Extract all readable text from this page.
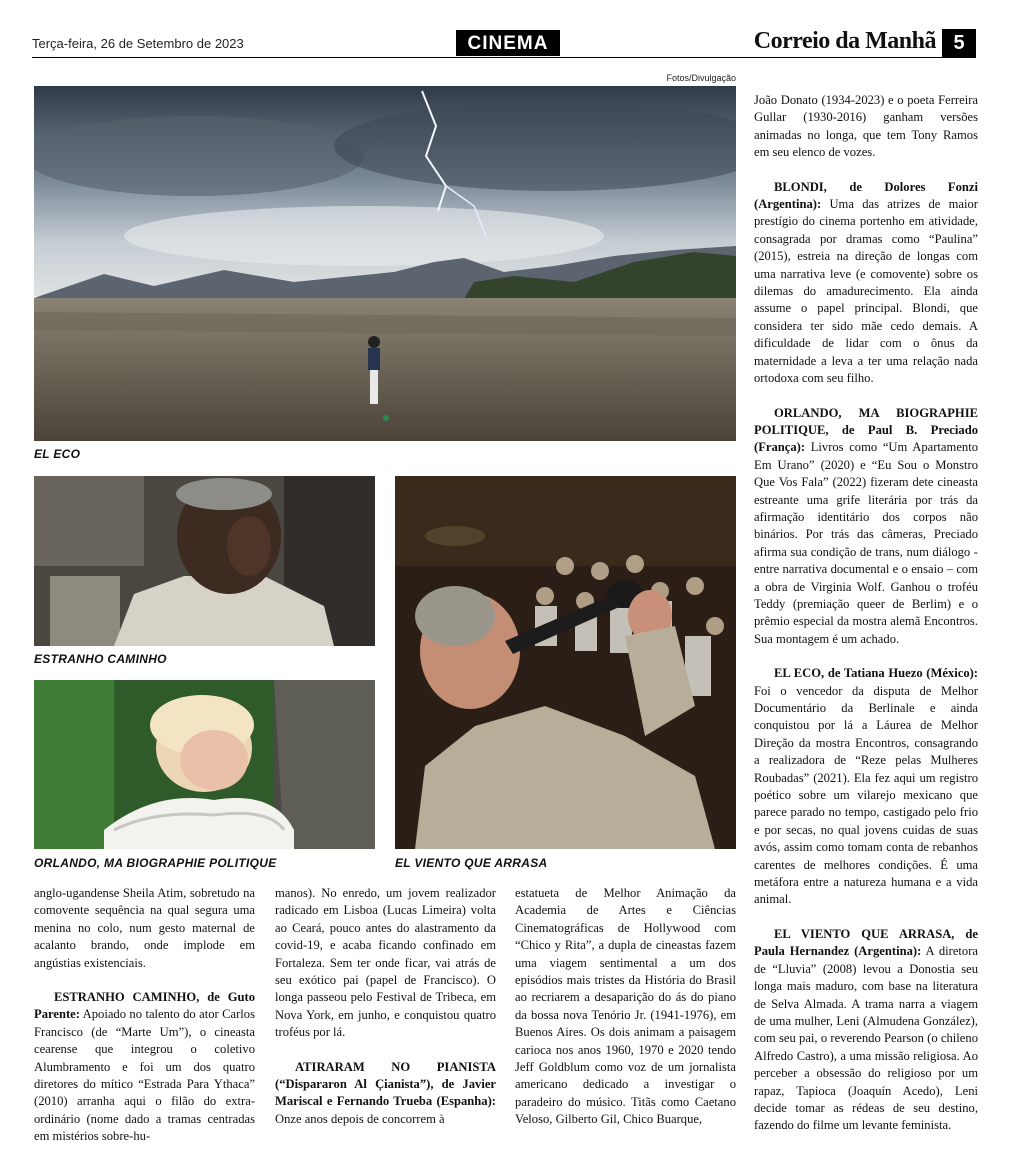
Terça-feira, 26 de Setembro de 2023	CINEMA	Correio da Manhã 5
Fotos/Divulgação
EL ECO
ESTRANHO CAMINHO
ORLANDO, MA BIOGRAPHIE POLITIQUE	EL VIENTO QUE ARRASA

João Donato (1934-2023) e o poeta Ferreira Gullar (1930-2016) ganham versões animadas no longa, que tem Tony Ramos em seu elenco de vozes.

BLONDI, de Dolores Fonzi (Argentina): Uma das atrizes de maior prestígio do cinema portenho em atividade, consagrada por dramas como “Paulina” (2015), estreia na direção de longas com uma narrativa leve (e comovente) sobre os dilemas do amadurecimento. Ela ainda assume o papel principal. Blondi, que considera ter sido mãe cedo demais. A dificuldade de lidar com o ônus da maternidade a leva a ter uma relação nada ortodoxa com seu filho.

ORLANDO, MA BIOGRAPHIE POLITIQUE, de Paul B. Preciado (França): Livros como “Um Apartamento Em Urano” (2020) e “Eu Sou o Monstro Que Vos Fala” (2022) fizeram dete cineasta estreante uma grife literária por trás da afirmação identitário dos corpos não binários. Por trás das câmeras, Preciado afirma sua condição de trans, num diálogo - entre narrativa documental e o ensaio – com a obra de Virginia Wolf. Ganhou o troféu Teddy (premiação queer de Berlim) e o prêmio especial da mostra alemã Encontros. Sua montagem é um achado.

EL ECO, de Tatiana Huezo (México): Foi o vencedor da disputa de Melhor Documentário da Berlinale e ainda conquistou por lá a Láurea de Melhor Direção da mostra Encontros, consagrando a realizadora de “Reze pelas Mulheres Roubadas” (2021). Ela fez aqui um registro poético sobre um vilarejo mexicano que parece parado no tempo, castigado pelo frio e por secas, no qual jovens cuidas de suas avós, assim como tomam conta de rebanhos carentes de melhores condições. É uma metáfora entre a natureza humana e a vida animal.

EL VIENTO QUE ARRASA, de Paula Hernandez (Argentina): A diretora de “Lluvia” (2008) levou a Donostia seu longa mais maduro, com base na literatura de Selva Almada. A trama narra a viagem de uma mulher, Leni (Almudena González), com seu pai, o reverendo Pearson (o chileno Alfredo Castro), a uma missão religiosa. Ao perceber a obsessão do religioso por um rapaz, Tapioca (Joaquín Acedo), Leni decide tomar as rédeas de seu destino, fazendo do filme um levante feminista.

anglo-ugandense Sheila Atim, sobretudo na comovente sequência na qual segura uma menina no colo, num gesto maternal de acalanto brando, onde implode em angústias existenciais.

ESTRANHO CAMINHO, de Guto Parente: Apoiado no talento do ator Carlos Francisco (de “Marte Um”), o cineasta cearense que integrou o coletivo Alumbramento e foi um dos quatro diretores do mítico “Estrada Para Ythaca” (2010) arranha aqui o filão do extra-ordinário (nome dado a tramas centradas em mistérios sobre-hu-

manos). No enredo, um jovem realizador radicado em Lisboa (Lucas Limeira) volta ao Ceará, pouco antes do alastramento da covid-19, e acaba ficando confinado em Fortaleza. Sem ter onde ficar, vai atrás de seu exótico pai (papel de Francisco). O longa passeou pelo Festival de Tribeca, em Nova York, em junho, e conquistou quatro troféus por lá.

ATIRARAM NO PIANISTA (“Dispararon Al Çianista”), de Javier Mariscal e Fernando Trueba (Espanha): Onze anos depois de concorrem à

estatueta de Melhor Animação da Academia de Artes e Ciências Cinematográficas de Hollywood com “Chico y Rita”, a dupla de cineastas fazem uma viagem sentimental a um dos episódios mais tristes da História do Brasil ao recriarem a desaparição do ás do piano da bossa nova Tenório Jr. (1941-1976), em Buenos Aires. Os dois animam a paisagem carioca nos anos 1960, 1970 e 2020 tendo Jeff Goldblum como voz de um jornalista americano dedicado a investigar o paradeiro do músico. Titãs como Caetano Veloso, Gilberto Gil, Chico Buarque,
